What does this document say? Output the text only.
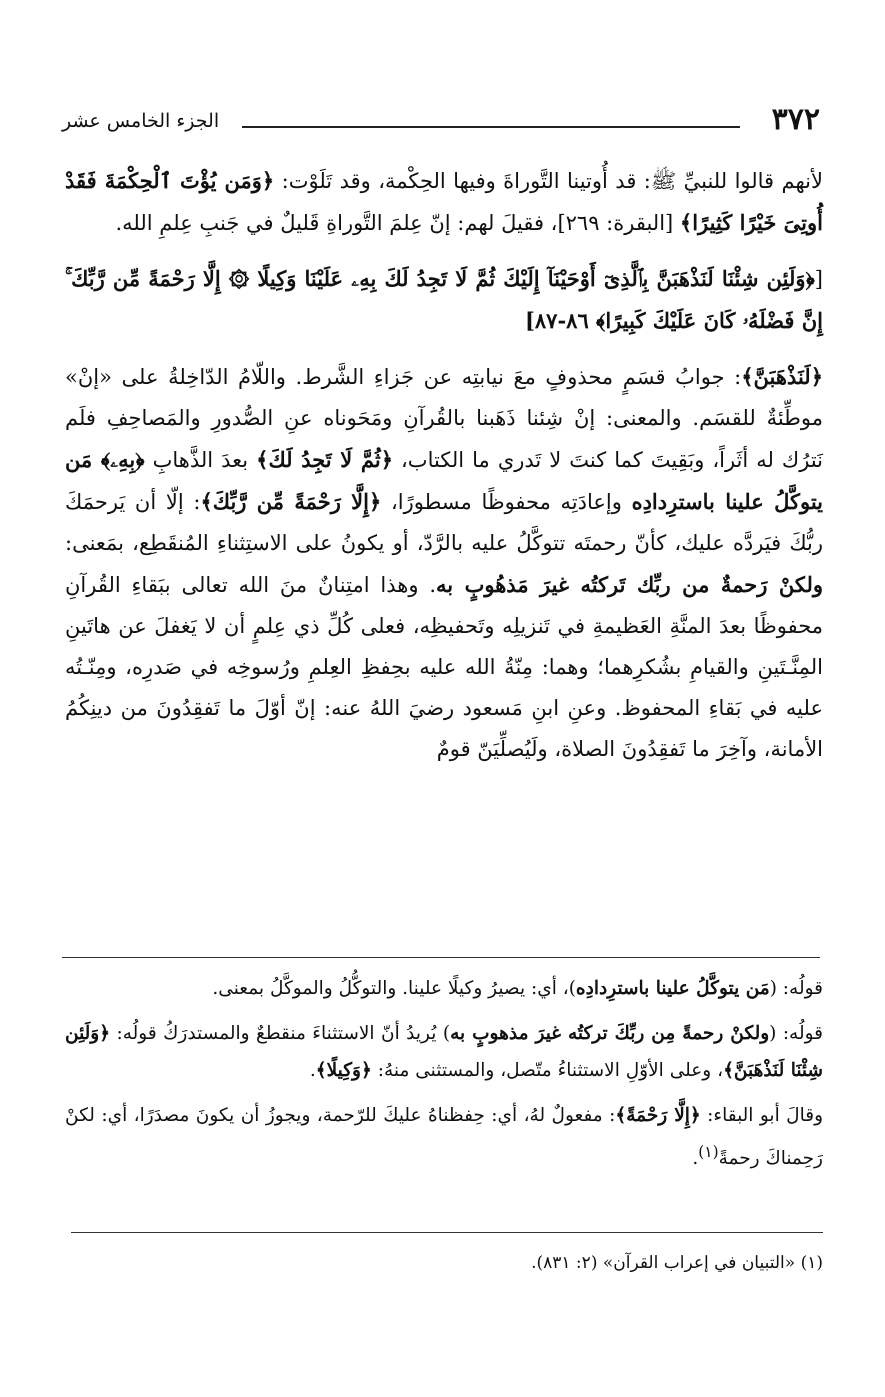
٣٧٢
الجزء الخامس عشر

لأنهم قالوا للنبيِّ ﷺ: قد أُوتينا التَّوراةَ وفيها الحِكْمة، وقد تَلَوْت: ﴿وَمَن يُؤْتَ ٱلْحِكْمَةَ فَقَدْ أُوتِىَ خَيْرًا كَثِيرًا﴾ [البقرة: ٢٦٩]، فقيلَ لهم: إنّ عِلمَ التَّوراةِ قَليلٌ في جَنبِ عِلمِ الله.

[﴿وَلَئِن شِئْنَا لَنَذْهَبَنَّ بِٱلَّذِىٓ أَوْحَيْنَآ إِلَيْكَ ثُمَّ لَا تَجِدُ لَكَ بِهِۦ عَلَيْنَا وَكِيلًا ۞ إِلَّا رَحْمَةً مِّن رَّبِّكَ ۚ إِنَّ فَضْلَهُۥ كَانَ عَلَيْكَ كَبِيرًا﴾ ٨٦-٨٧]

﴿لَنَذْهَبَنَّ﴾: جوابُ قسَمٍ محذوفٍ معَ نيابتِه عن جَزاءِ الشَّرط. واللّامُ الدّاخِلةُ على «إنْ» موطِّئةٌ للقسَم. والمعنى: إنْ شِئنا ذَهَبنا بالقُرآنِ ومَحَوناه عنِ الصُّدورِ والمَصاحِفِ فلَم نَترُك له أثَراً، وبَقِيتَ كما كنتَ لا تَدري ما الكتاب، ﴿ثُمَّ لَا تَجِدُ لَكَ﴾ بعدَ الذَّهابِ ﴿بِهِۦ﴾ مَن يتوكَّلُ علينا باسترِدادِه وإعادَتِه محفوظًا مسطورًا، ﴿إِلَّا رَحْمَةً مِّن رَّبِّكَ﴾: إلّا أن يَرحمَكَ ربُّكَ فيَردَّه عليك، كأنّ رحمتَه تتوكَّلُ عليه بالرَّدّ، أو يكونُ على الاستِثناءِ المُنقَطِع، بمَعنى: ولكنْ رَحمةٌ من ربِّك تَركتُه غيرَ مَذهُوبٍ به. وهذا امتِنانٌ منَ الله تعالى ببَقاءِ القُرآنِ محفوظًا بعدَ المنَّةِ العَظيمةِ في تَنزيلِه وتَحفيظِه، فعلى كُلِّ ذي عِلمٍ أن لا يَغفلَ عن هاتَينِ المِنَّـتَينِ والقيامِ بشُكرِهما؛ وهما: مِنّةُ الله عليه بحِفظِ العِلمِ ورُسوخِه في صَدرِه، ومِنّـتُه عليه في بَقاءِ المحفوظ. وعنِ ابنِ مَسعود رضيَ اللهُ عنه: إنّ أوّلَ ما تَفقِدُونَ من دينِكُمُ الأمانة، وآخِرَ ما تَفقِدُونَ الصلاة، ولَيُصلِّيَنّ قومٌ

قولُه: (مَن يتوكَّلُ علينا باسترِدادِه)، أي: يصيرُ وكيلًا علينا. والتوكُّلُ والموكَّلُ بمعنى.

قولُه: (ولكنْ رحمةً مِن ربِّكَ تركتُه غيرَ مذهوبٍ به) يُريدُ أنّ الاستثناءَ منقطعٌ والمستدرَكُ قولُه: ﴿وَلَئِن شِئْنَا لَنَذْهَبَنَّ﴾، وعلى الأوّلِ الاستثناءُ متّصل، والمستثنى منهُ: ﴿وَكِيلًا﴾.

وقالَ أبو البقاء: ﴿إِلَّا رَحْمَةً﴾: مفعولٌ لهُ، أي: حِفظناهُ عليكَ للرّحمة، ويجوزُ أن يكونَ مصدَرًا، أي: لكنْ رَحِمناكَ رحمةً$^{(١)}$.

(١) «التبيان في إعراب القرآن» (٢: ٨٣١).
